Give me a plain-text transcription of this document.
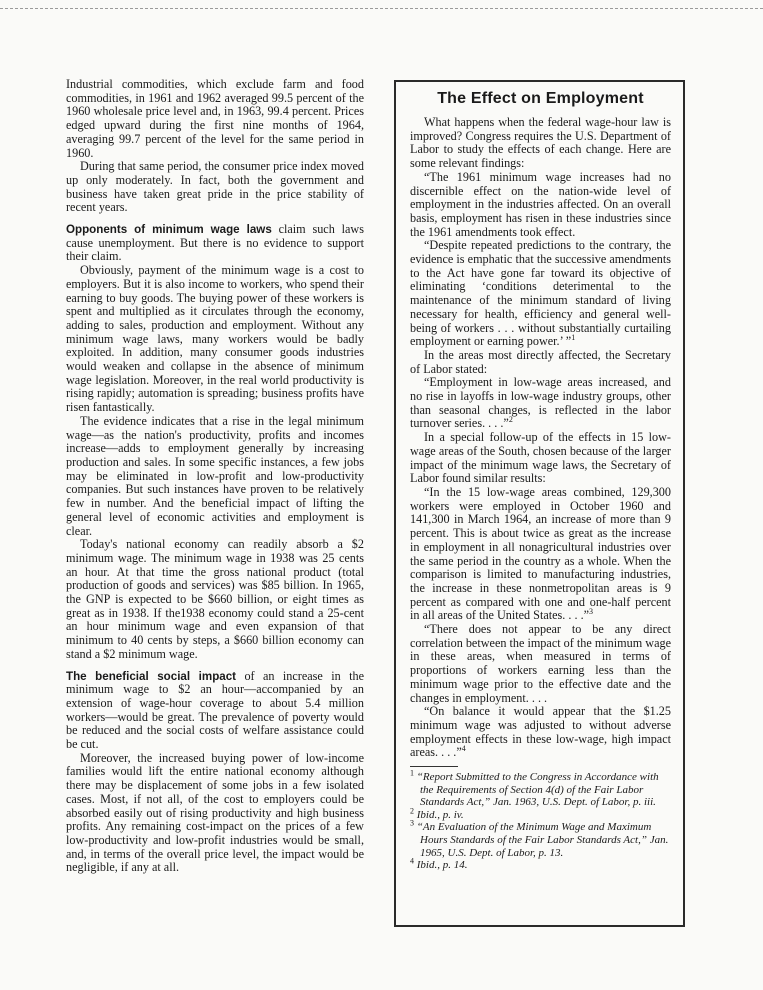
Industrial commodities, which exclude farm and food commodities, in 1961 and 1962 averaged 99.5 percent of the 1960 wholesale price level and, in 1963, 99.4 percent. Prices edged upward during the first nine months of 1964, averaging 99.7 percent of the level for the same period in 1960.

During that same period, the consumer price index moved up only moderately. In fact, both the government and business have taken great pride in the price stability of recent years.

Opponents of minimum wage laws claim such laws cause unemployment. But there is no evidence to support their claim.

Obviously, payment of the minimum wage is a cost to employers. But it is also income to workers, who spend their earning to buy goods. The buying power of these workers is spent and multiplied as it circulates through the economy, adding to sales, production and employment. Without any minimum wage laws, many workers would be badly exploited. In addition, many consumer goods industries would weaken and collapse in the absence of minimum wage legislation. Moreover, in the real world productivity is rising rapidly; automation is spreading; business profits have risen fantastically.

The evidence indicates that a rise in the legal minimum wage—as the nation's productivity, profits and incomes increase—adds to employment generally by increasing production and sales. In some specific instances, a few jobs may be eliminated in low-profit and low-productivity companies. But such instances have proven to be relatively few in number. And the beneficial impact of lifting the general level of economic activities and employment is clear.

Today's national economy can readily absorb a $2 minimum wage. The minimum wage in 1938 was 25 cents an hour. At that time the gross national product (total production of goods and services) was $85 billion. In 1965, the GNP is expected to be $660 billion, or eight times as great as in 1938. If the1938 economy could stand a 25-cent an hour minimum wage and even expansion of that minimum to 40 cents by steps, a $660 billion economy can stand a $2 minimum wage.

The beneficial social impact of an increase in the minimum wage to $2 an hour—accompanied by an extension of wage-hour coverage to about 5.4 million workers—would be great. The prevalence of poverty would be reduced and the social costs of welfare assistance could be cut.

Moreover, the increased buying power of low-income families would lift the entire national economy although there may be displacement of some jobs in a few isolated cases. Most, if not all, of the cost to employers could be absorbed easily out of rising productivity and high business profits. Any remaining cost-impact on the prices of a few low-productivity and low-profit industries would be small, and, in terms of the overall price level, the impact would be negligible, if any at all.

The Effect on Employment

What happens when the federal wage-hour law is improved? Congress requires the U.S. Department of Labor to study the effects of each change. Here are some relevant findings:

“The 1961 minimum wage increases had no discernible effect on the nation-wide level of employment in the industries affected. On an overall basis, employment has risen in these industries since the 1961 amendments took effect.

“Despite repeated predictions to the contrary, the evidence is emphatic that the successive amendments to the Act have gone far toward its objective of eliminating ‘conditions deterimental to the maintenance of the minimum standard of living necessary for health, efficiency and general well-being of workers . . . without substantially curtailing employment or earning power.’ ”$^1$

In the areas most directly affected, the Secretary of Labor stated:

“Employment in low-wage areas increased, and no rise in layoffs in low-wage industry groups, other than seasonal changes, is reflected in the labor turnover series. . . .”$^2$

In a special follow-up of the effects in 15 low-wage areas of the South, chosen because of the larger impact of the minimum wage laws, the Secretary of Labor found similar results:

“In the 15 low-wage areas combined, 129,300 workers were employed in October 1960 and 141,300 in March 1964, an increase of more than 9 percent. This is about twice as great as the increase in employment in all nonagricultural industries over the same period in the country as a whole. When the comparison is limited to manufacturing industries, the increase in these nonmetropolitan areas is 9 percent as compared with one and one-half percent in all areas of the United States. . . .”$^3$

“There does not appear to be any direct correlation between the impact of the minimum wage in these areas, when measured in terms of proportions of workers earning less than the minimum wage prior to the effective date and the changes in employment. . . .

“On balance it would appear that the $1.25 minimum wage was adjusted to without adverse employment effects in these low-wage, high impact areas. . . .”$^4$

$^1$ “Report Submitted to the Congress in Accordance with the Requirements of Section 4(d) of the Fair Labor Standards Act,” Jan. 1963, U.S. Dept. of Labor, p. iii.

$^2$ Ibid., p. iv.

$^3$ “An Evaluation of the Minimum Wage and Maximum Hours Standards of the Fair Labor Standards Act,” Jan. 1965, U.S. Dept. of Labor, p. 13.

$^4$ Ibid., p. 14.
